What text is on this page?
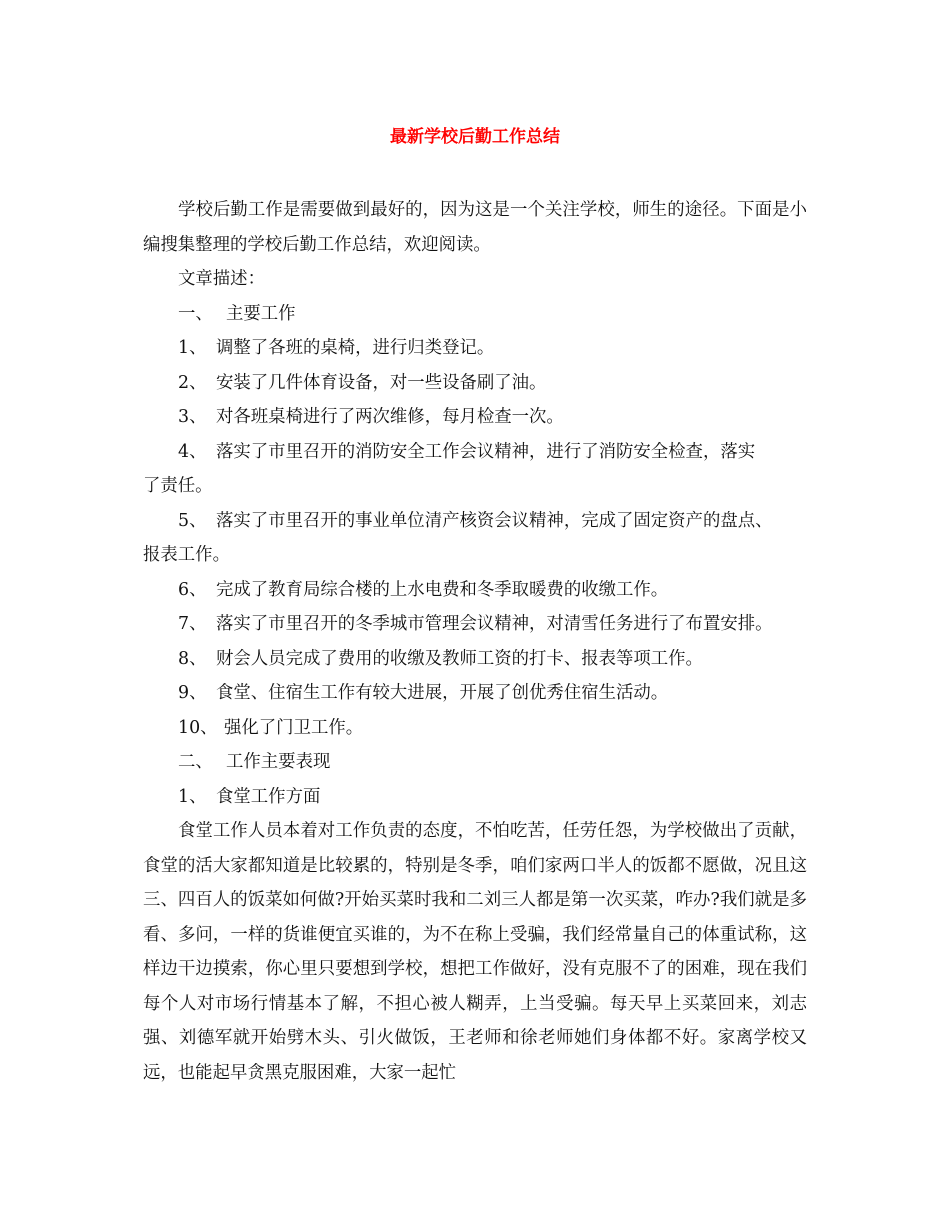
最新学校后勤工作总结

学校后勤工作是需要做到最好的，因为这是一个关注学校，师生的途径。下面是小编搜集整理的学校后勤工作总结，欢迎阅读。

文章描述：

一、 主要工作
1、 调整了各班的桌椅，进行归类登记。
2、 安装了几件体育设备，对一些设备刷了油。
3、 对各班桌椅进行了两次维修，每月检查一次。
4、 落实了市里召开的消防安全工作会议精神，进行了消防安全检查，落实
了责任。
5、 落实了市里召开的事业单位清产核资会议精神，完成了固定资产的盘点、
报表工作。
6、 完成了教育局综合楼的上水电费和冬季取暖费的收缴工作。
7、 落实了市里召开的冬季城市管理会议精神，对清雪任务进行了布置安排。
8、 财会人员完成了费用的收缴及教师工资的打卡、报表等项工作。
9、 食堂、住宿生工作有较大进展，开展了创优秀住宿生活动。
10、 强化了门卫工作。
二、 工作主要表现
1、 食堂工作方面

食堂工作人员本着对工作负责的态度，不怕吃苦，任劳任怨，为学校做出了贡献，食堂的活大家都知道是比较累的，特别是冬季，咱们家两口半人的饭都不愿做，况且这三、四百人的饭菜如何做?开始买菜时我和二刘三人都是第一次买菜，咋办?我们就是多看、多问，一样的货谁便宜买谁的，为不在称上受骗，我们经常量自己的体重试称，这样边干边摸索，你心里只要想到学校，想把工作做好，没有克服不了的困难，现在我们每个人对市场行情基本了解，不担心被人糊弄，上当受骗。每天早上买菜回来，刘志强、刘德军就开始劈木头、引火做饭，王老师和徐老师她们身体都不好。家离学校又远，也能起早贪黑克服困难，大家一起忙
